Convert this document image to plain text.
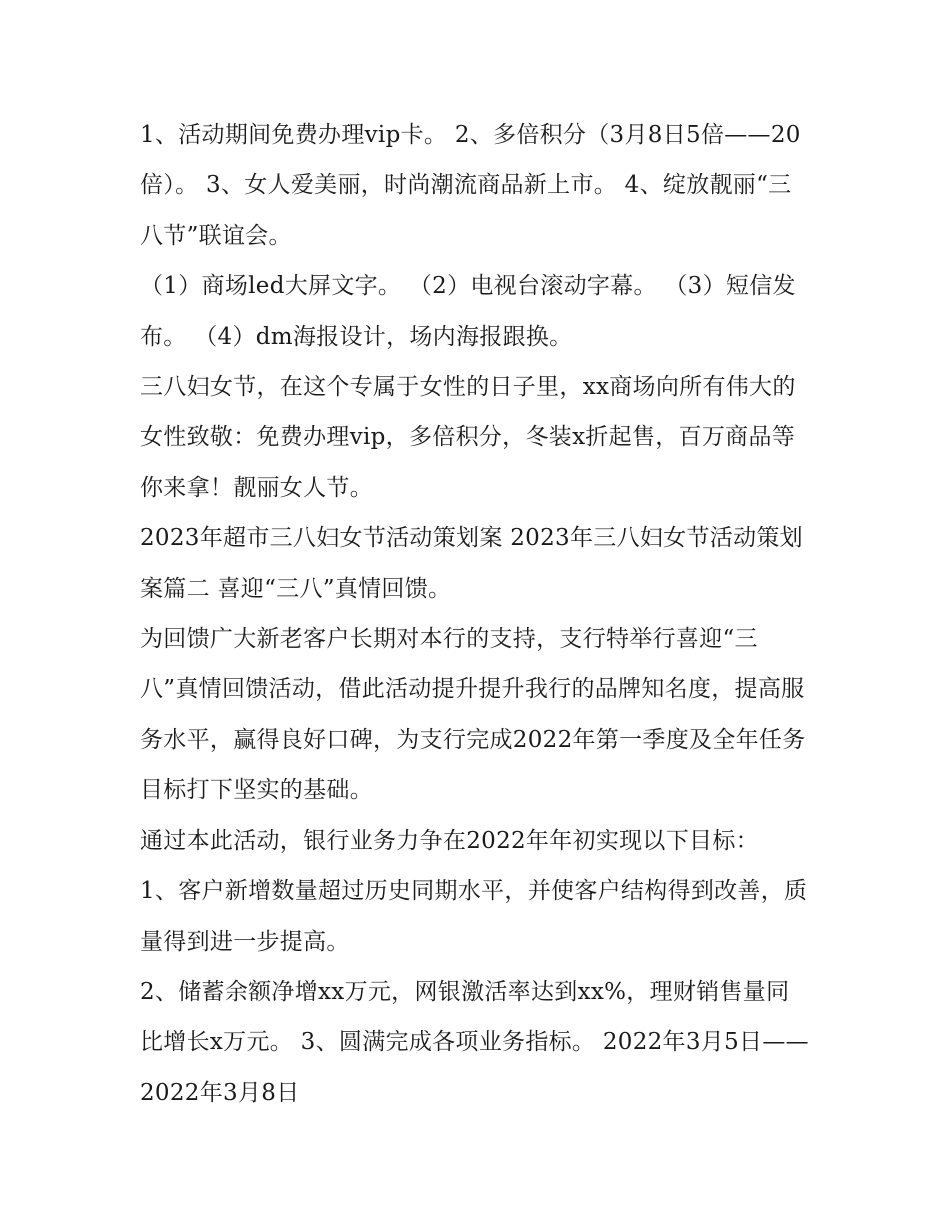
1、活动期间免费办理vip卡。 2、多倍积分（3月8日5倍——20倍）。 3、女人爱美丽，时尚潮流商品新上市。 4、绽放靓丽“三八节”联谊会。

（1）商场led大屏文字。 （2）电视台滚动字幕。 （3）短信发布。 （4）dm海报设计，场内海报跟换。

三八妇女节，在这个专属于女性的日子里，xx商场向所有伟大的女性致敬：免费办理vip，多倍积分，冬装x折起售，百万商品等你来拿！靓丽女人节。

2023年超市三八妇女节活动策划案 2023年三八妇女节活动策划案篇二 喜迎“三八”真情回馈。

为回馈广大新老客户长期对本行的支持，支行特举行喜迎“三八”真情回馈活动，借此活动提升提升我行的品牌知名度，提高服务水平，赢得良好口碑，为支行完成2022年第一季度及全年任务目标打下坚实的基础。

通过本此活动，银行业务力争在2022年年初实现以下目标：

1、客户新增数量超过历史同期水平，并使客户结构得到改善，质量得到进一步提高。

2、储蓄余额净增xx万元，网银激活率达到xx%，理财销售量同比增长x万元。 3、圆满完成各项业务指标。 2022年3月5日——2022年3月8日
